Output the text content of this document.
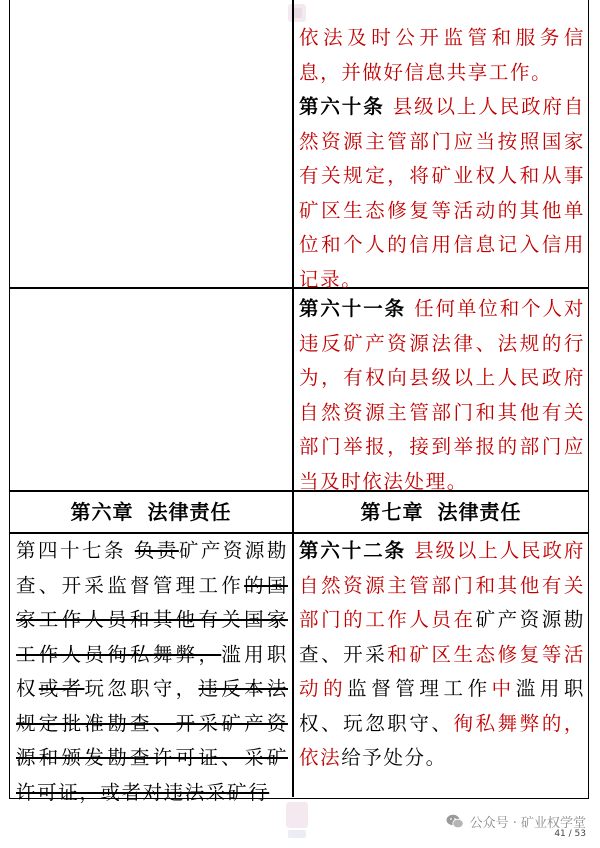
依法及时公开监管和服务信息，并做好信息共享工作。
第六十条 县级以上人民政府自然资源主管部门应当按照国家有关规定，将矿业权人和从事矿区生态修复等活动的其他单位和个人的信用信息记入信用记录。
第六十一条 任何单位和个人对违反矿产资源法律、法规的行为，有权向县级以上人民政府自然资源主管部门和其他有关部门举报，接到举报的部门应当及时依法处理。
第六章 法律责任	第七章 法律责任
第四十七条 负责矿产资源勘查、开采监督管理工作的国家工作人员和其他有关国家工作人员徇私舞弊，滥用职权或者玩忽职守，违反本法规定批准勘查、开采矿产资源和颁发勘查许可证、采矿许可证，或者对违法采矿行
第六十二条 县级以上人民政府自然资源主管部门和其他有关部门的工作人员在矿产资源勘查、开采和矿区生态修复等活动的监督管理工作中滥用职权、玩忽职守、徇私舞弊的，依法给予处分。
公众号 · 矿业权学堂
41 / 53
